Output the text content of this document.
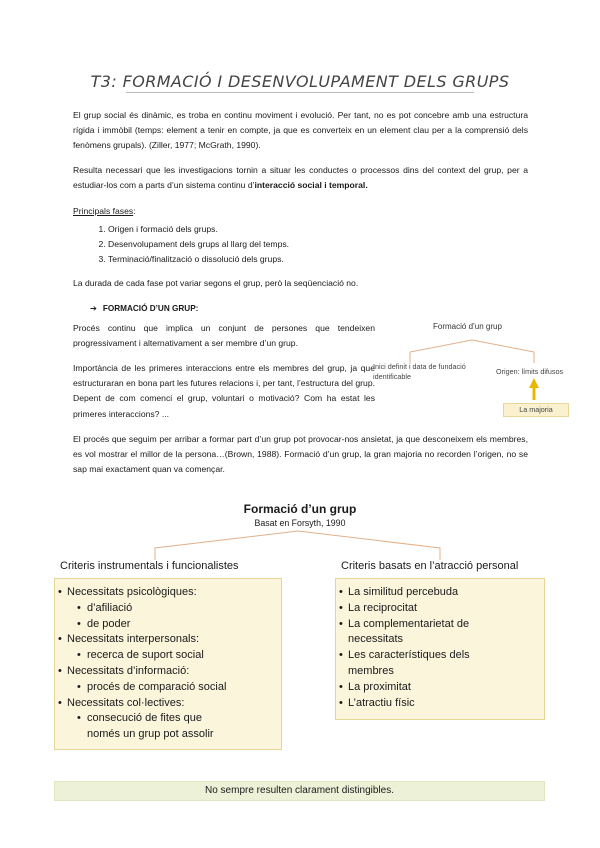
T3: FORMACIÓ I DESENVOLUPAMENT DELS GRUPS

El grup social és dinàmic, es troba en continu moviment i evolució. Per tant, no es pot concebre amb una estructura rígida i immòbil (temps: element a tenir en compte, ja que es converteix en un element clau per a la comprensió dels fenòmens grupals). (Ziller, 1977; McGrath, 1990).

Resulta necessari que les investigacions tornin a situar les conductes o processos dins del context del grup, per a estudiar-los com a parts d’un sistema continu d’interacció social i temporal.

Principals fases:

1. Origen i formació dels grups.
2. Desenvolupament dels grups al llarg del temps.
3. Terminació/finalització o dissolució dels grups.

La durada de cada fase pot variar segons el grup, però la seqüenciació no.

➔ FORMACIÓ D’UN GRUP:

Procés continu que implica un conjunt de persones que tendeixen progressivament i alternativament a ser membre d’un grup.

Importància de les primeres interaccions entre els membres del grup, ja que estructuraran en bona part les futures relacions i, per tant, l’estructura del grup. Depent de com comenci el grup, voluntari o motivació? Com ha estat les primeres interaccions? ...

Formació d’un grup
Inici definit i data de fundació identificable
Origen: límits difusos
La majoria

El procés que seguim per arribar a formar part d’un grup pot provocar-nos ansietat, ja que desconeixem els membres, es vol mostrar el millor de la persona…(Brown, 1988). Formació d’un grup, la gran majoria no recorden l’origen, no se sap mai exactament quan va començar.

Formació d’un grup
Basat en Forsyth, 1990
Criteris instrumentals i funcionalistes
• Necessitats psicològiques:
• d’afiliació
• de poder
• Necessitats interpersonals:
• recerca de suport social
• Necessitats d’informació:
• procés de comparació social
• Necessitats col·lectives:
• consecució de fites que
només un grup pot assolir
Criteris basats en l’atracció personal
• La similitud percebuda
• La reciprocitat
• La complementarietat de
necessitats
• Les característiques dels
membres
• La proximitat
• L’atractiu físic
No sempre resulten clarament distingibles.
